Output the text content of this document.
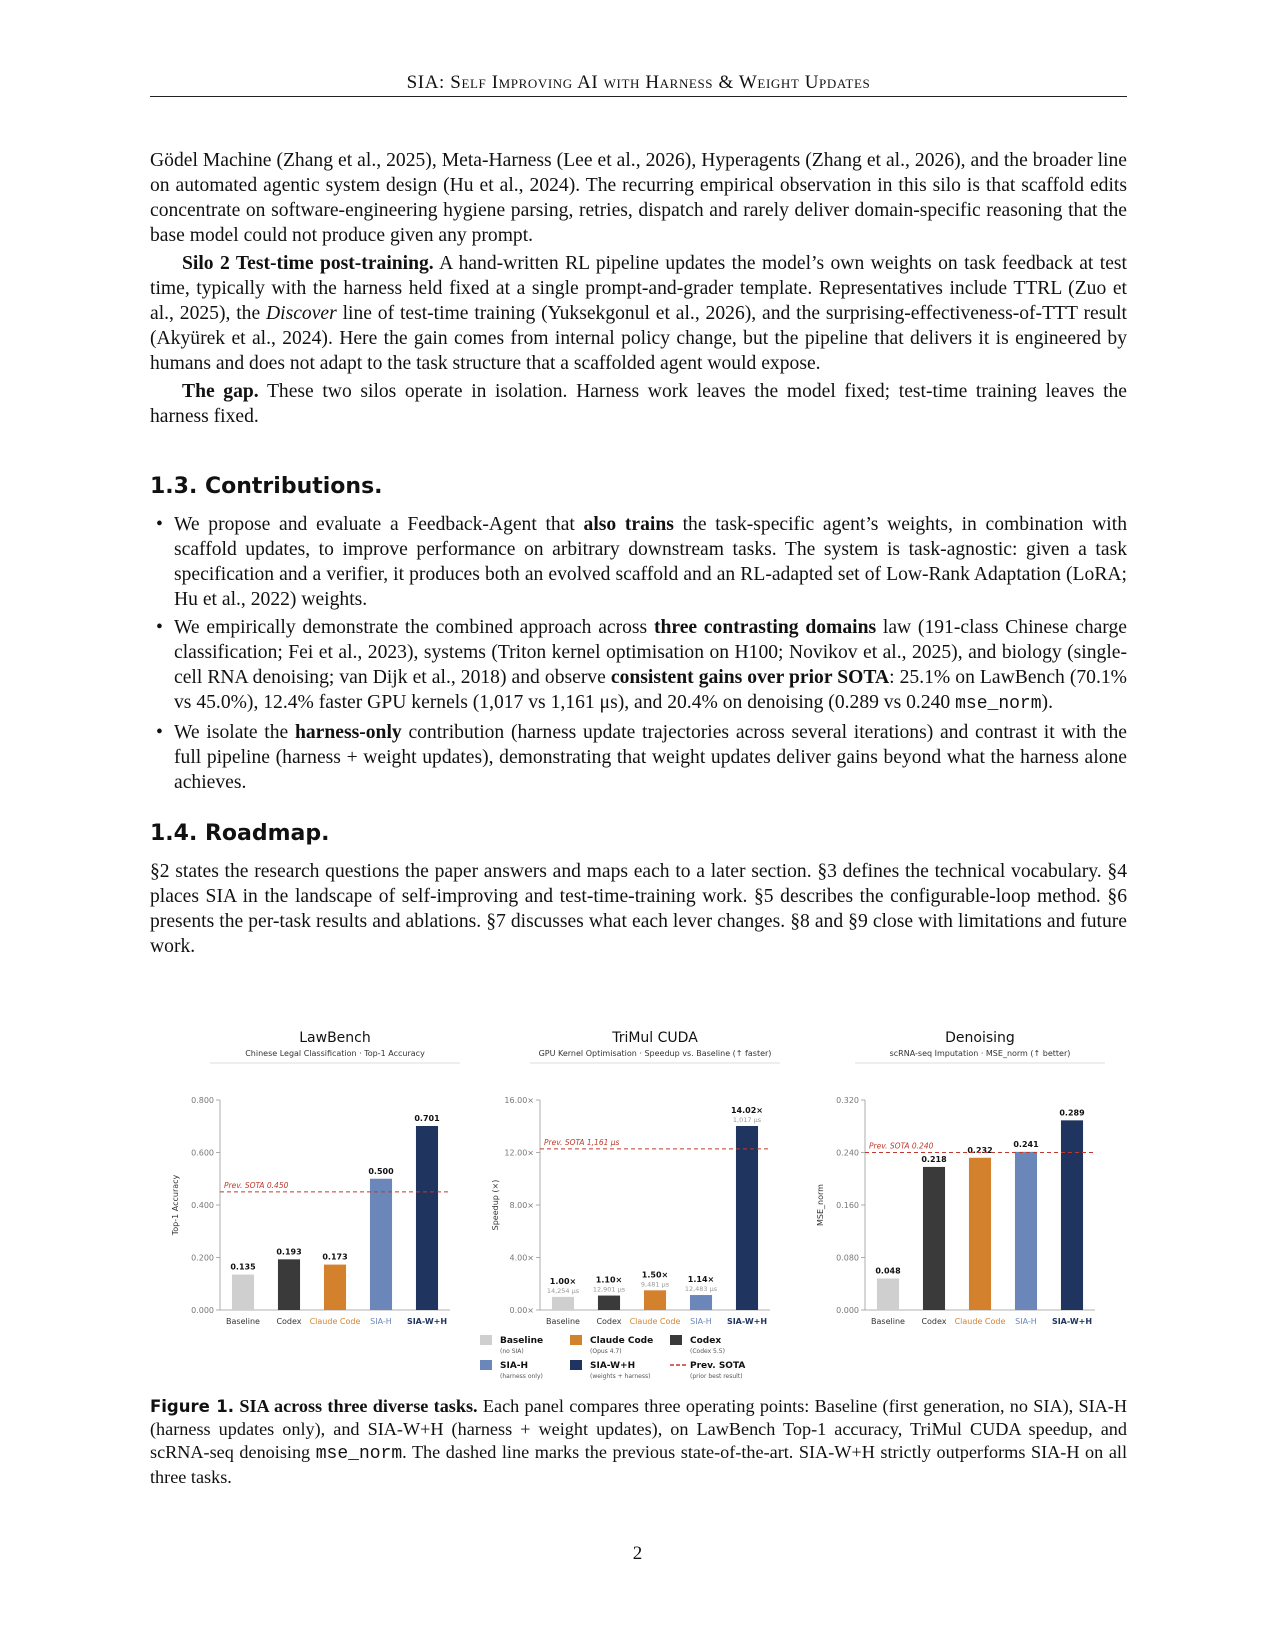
SIA: Self Improving AI with Harness & Weight Updates

Gödel Machine (Zhang et al., 2025), Meta-Harness (Lee et al., 2026), Hyperagents (Zhang et al., 2026), and the broader line on automated agentic system design (Hu et al., 2024). The recurring empirical observation in this silo is that scaffold edits concentrate on software-engineering hygiene parsing, retries, dispatch and rarely deliver domain-specific reasoning that the base model could not produce given any prompt.

Silo 2 Test-time post-training. A hand-written RL pipeline updates the model’s own weights on task feedback at test time, typically with the harness held fixed at a single prompt-and-grader template. Representatives include TTRL (Zuo et al., 2025), the Discover line of test-time training (Yuksekgonul et al., 2026), and the surprising-effectiveness-of-TTT result (Akyürek et al., 2024). Here the gain comes from internal policy change, but the pipeline that delivers it is engineered by humans and does not adapt to the task structure that a scaffolded agent would expose.

The gap. These two silos operate in isolation. Harness work leaves the model fixed; test-time training leaves the harness fixed.

1.3. Contributions.
• We propose and evaluate a Feedback-Agent that also trains the task-specific agent’s weights, in combination with scaffold updates, to improve performance on arbitrary downstream tasks. The system is task-agnostic: given a task specification and a verifier, it produces both an evolved scaffold and an RL-adapted set of Low-Rank Adaptation (LoRA; Hu et al., 2022) weights.
• We empirically demonstrate the combined approach across three contrasting domains law (191-class Chinese charge classification; Fei et al., 2023), systems (Triton kernel optimisation on H100; Novikov et al., 2025), and biology (single-cell RNA denoising; van Dijk et al., 2018) and observe consistent gains over prior SOTA: 25.1% on LawBench (70.1% vs 45.0%), 12.4% faster GPU kernels (1,017 vs 1,161 μs), and 20.4% on denoising (0.289 vs 0.240 mse_norm).
• We isolate the harness-only contribution (harness update trajectories across several iterations) and contrast it with the full pipeline (harness + weight updates), demonstrating that weight updates deliver gains beyond what the harness alone achieves.
1.4. Roadmap.
§2 states the research questions the paper answers and maps each to a later section. §3 defines the technical vocabulary. §4 places SIA in the landscape of self-improving and test-time-training work. §5 describes the configurable-loop method. §6 presents the per-task results and ablations. §7 discusses what each lever changes. §8 and §9 close with limitations and future work.
LawBench
Chinese Legal Classification · Top-1 Accuracy
0.000
0.200
0.400
0.600
0.800
Top-1 Accuracy
0.135
Baseline
0.193
Codex
0.173
Claude Code
0.500
SIA-H
0.701
SIA-W+H
Prev. SOTA 0.450
TriMul CUDA
GPU Kernel Optimisation · Speedup vs. Baseline (↑ faster)
0.00×
4.00×
8.00×
12.00×
16.00×
Speedup (×)
1.00×
14,254 μs
Baseline
1.10×
12,901 μs
Codex
1.50×
9,481 μs
Claude Code
1.14×
12,483 μs
SIA-H
14.02×
1,017 μs
SIA-W+H
Prev. SOTA 1,161 μs
Denoising
scRNA-seq Imputation · MSE_norm (↑ better)
0.000
0.080
0.160
0.240
0.320
MSE_norm
0.048
Baseline
0.218
Codex
0.232
Claude Code
0.241
SIA-H
0.289
SIA-W+H
Prev. SOTA 0.240
Baseline
(no SIA)
Claude Code
(Opus 4.7)
Codex
(Codex 5.5)
SIA-H
(harness only)
SIA-W+H
(weights + harness)
Prev. SOTA
(prior best result)
Figure 1. SIA across three diverse tasks. Each panel compares three operating points: Baseline (first generation, no SIA), SIA-H (harness updates only), and SIA-W+H (harness + weight updates), on LawBench Top-1 accuracy, TriMul CUDA speedup, and scRNA-seq denoising mse_norm. The dashed line marks the previous state-of-the-art. SIA-W+H strictly outperforms SIA-H on all three tasks.
2
